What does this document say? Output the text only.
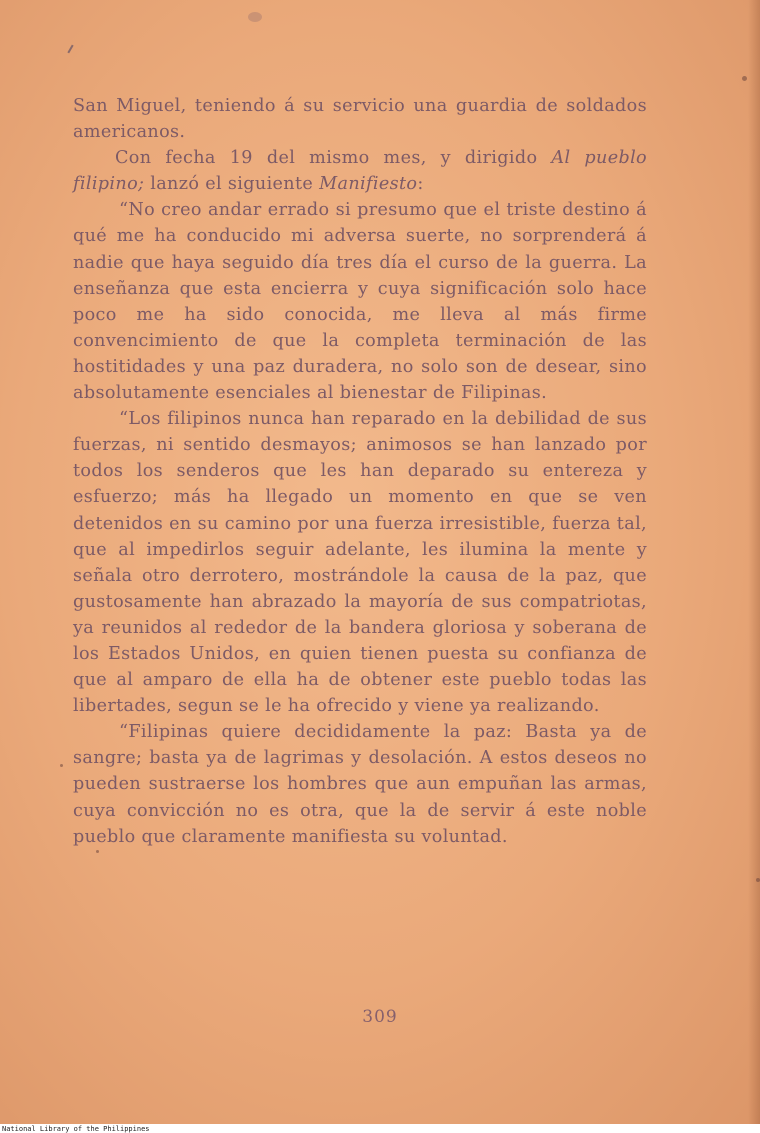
San Miguel, teniendo á su servicio una guardia de soldados americanos.

Con fecha 19 del mismo mes, y dirigido Al pueblo filipino; lanzó el siguiente Manifiesto:

“No creo andar errado si presumo que el triste destino á qué me ha conducido mi adversa suerte, no sorprenderá á nadie que haya seguido día tres día el curso de la guerra. La enseñanza que esta encierra y cuya significación solo hace poco me ha sido conocida, me lleva al más firme convencimiento de que la completa terminación de las hostitidades y una paz duradera, no solo son de desear, sino absolutamente esenciales al bienestar de Filipinas.

“Los filipinos nunca han reparado en la debilidad de sus fuerzas, ni sentido desmayos; animosos se han lanzado por todos los senderos que les han deparado su entereza y esfuerzo; más ha llegado un momento en que se ven detenidos en su camino por una fuerza irresistible, fuerza tal, que al impedirlos seguir adelante, les ilumina la mente y señala otro derrotero, mostrándole la causa de la paz, que gustosamente han abrazado la mayoría de sus compatriotas, ya reunidos al rededor de la bandera gloriosa y soberana de los Estados Unidos, en quien tienen puesta su confianza de que al amparo de ella ha de obtener este pueblo todas las libertades, segun se le ha ofrecido y viene ya realizando.

“Filipinas quiere decididamente la paz: Basta ya de sangre; basta ya de lagrimas y desolación. A estos deseos no pueden sustraerse los hombres que aun empuñan las armas, cuya convicción no es otra, que la de servir á este noble pueblo que claramente manifiesta su voluntad.

309
National Library of the Philippines
